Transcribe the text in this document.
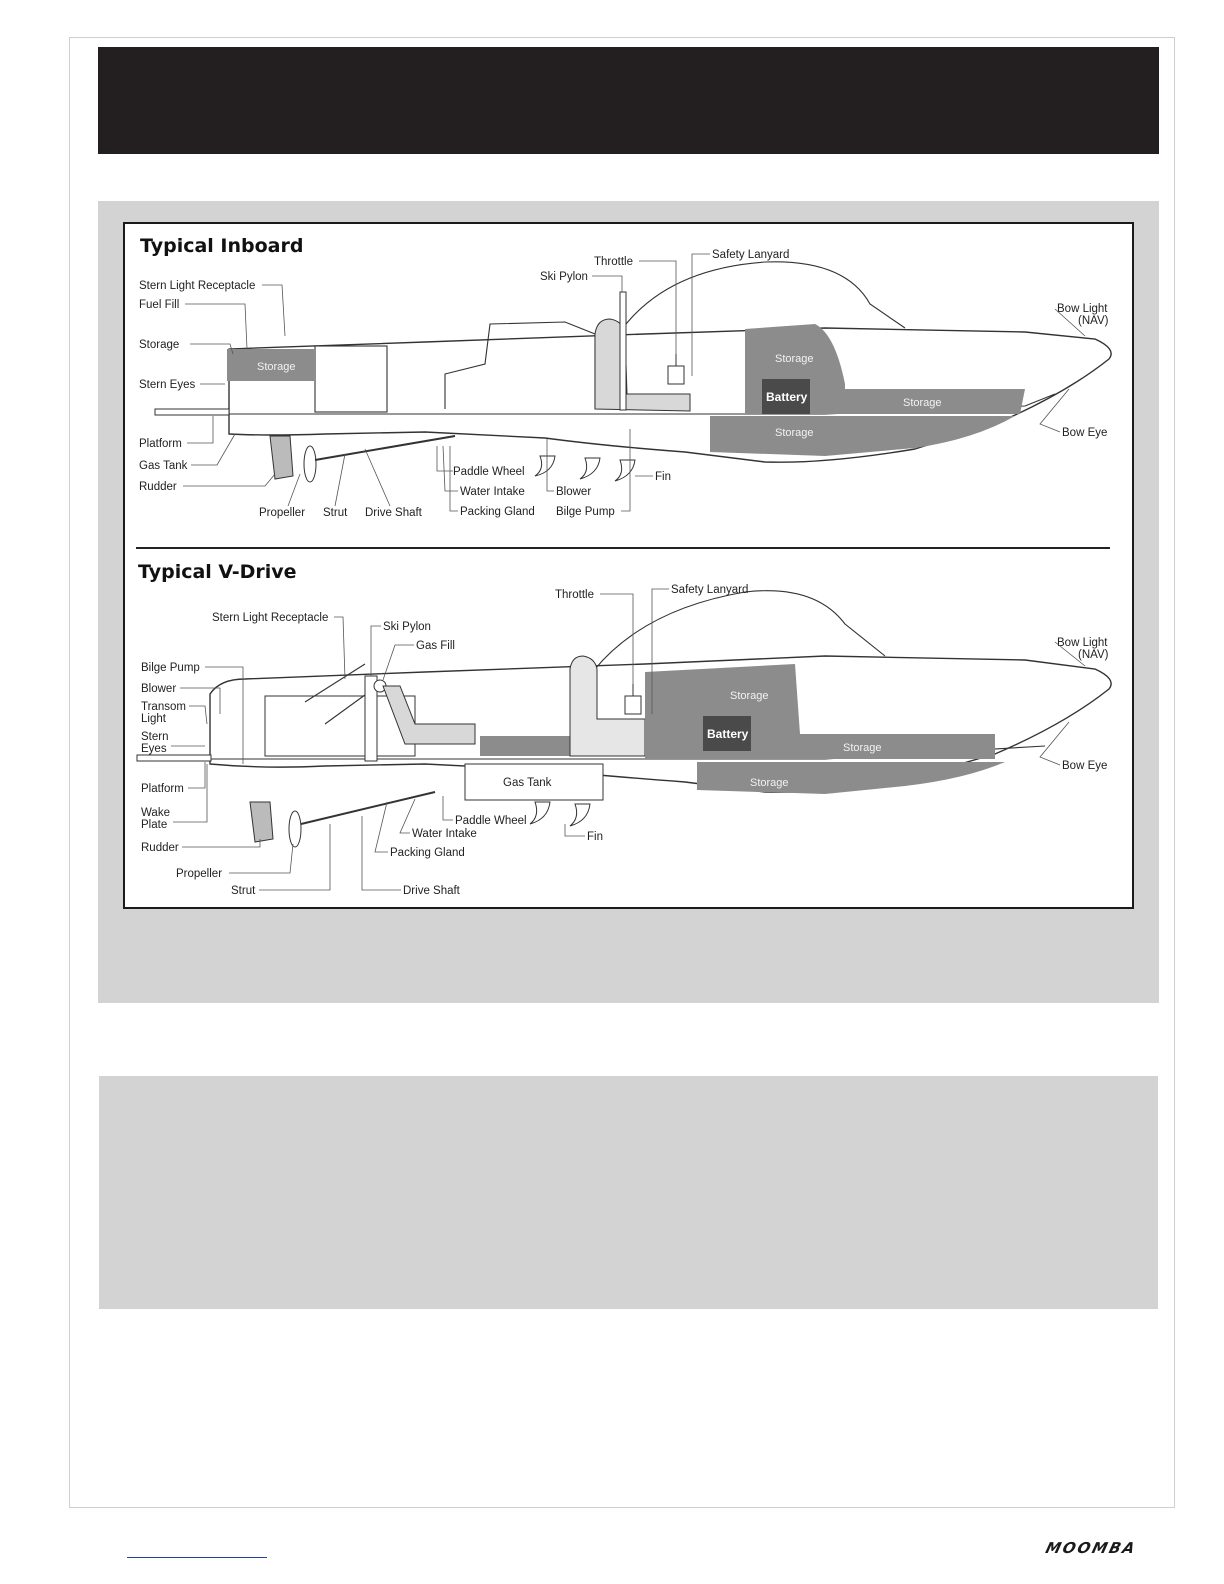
Typical Inboard
Storage
Storage
Battery	Storage
Storage
Stern Light Receptacle
Fuel Fill
Storage
Stern Eyes
Platform
Gas Tank
Rudder
Propeller Strut Drive Shaft
Paddle Wheel
Water Intake
Packing Gland
Blower
Bilge Pump
Fin
Ski Pylon
Throttle
Safety Lanyard
Bow Light
(NAV)
Bow Eye
Typical V-Drive
Storage
Battery
Storage
Storage
Gas Tank
Stern Light Receptacle
Ski Pylon
Gas Fill
Bilge Pump
Blower
Transom
Light
Stern
Eyes
Platform
Wake
Plate
Rudder
Propeller
Strut	Drive Shaft
Packing Gland
Water Intake
Paddle Wheel
Fin
Throttle	Safety Lanyard
Bow Light
(NAV)
Bow Eye
MOOMBA
